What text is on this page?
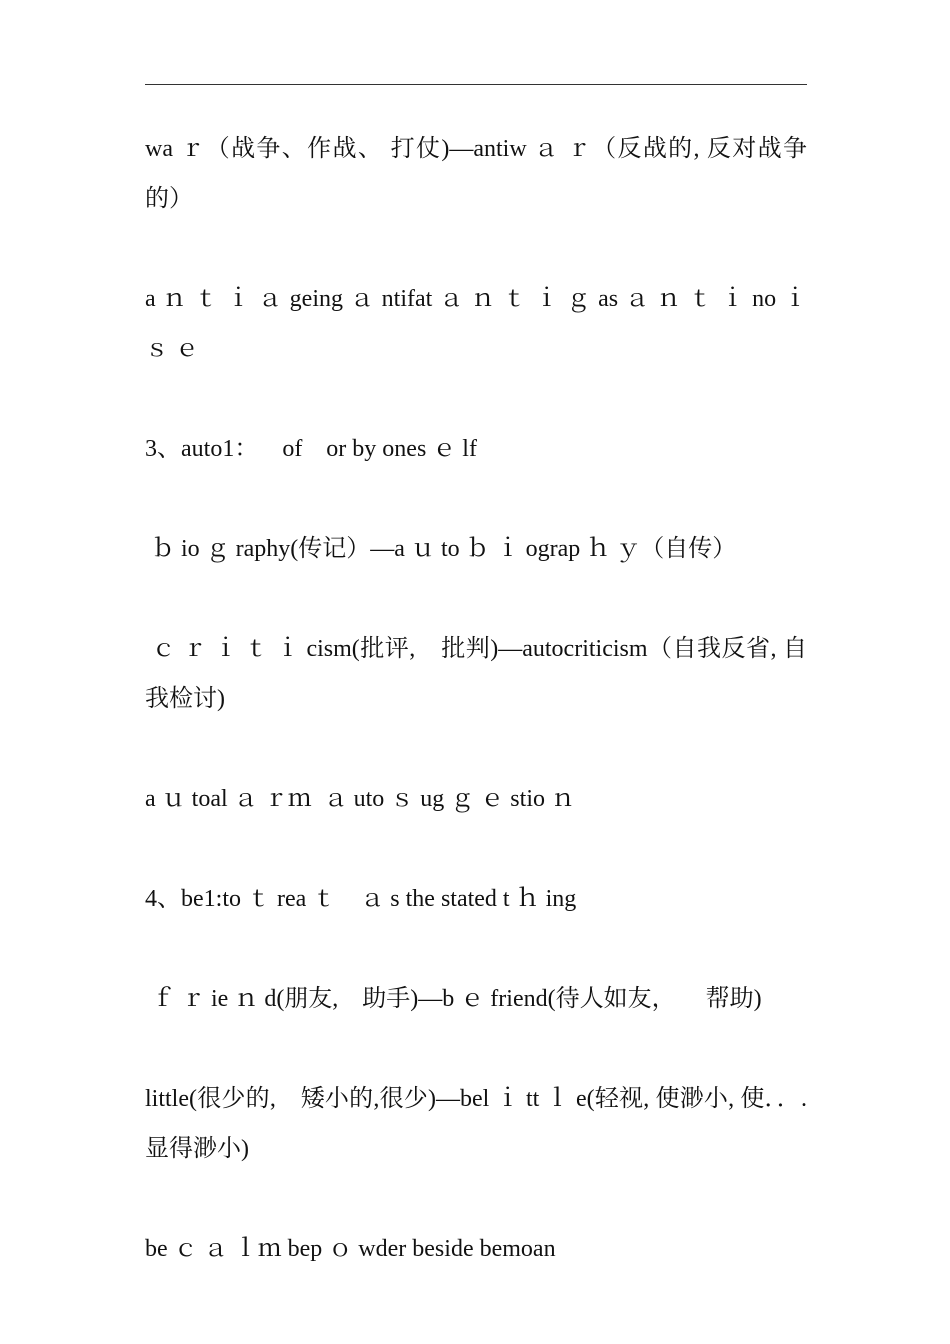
wa ｒ（战争、作战、 打仗)—antiw ａ ｒ（反战的, 反对战争的）

a ｎ ｔ ｉ ａ geing ａ ntifat ａ ｎ ｔ ｉ ｇ as ａ ｎ ｔ ｉ no ｉ ｓ ｅ

3、auto1：    of    or by ones ｅ lf

ｂ io ｇ raphy(传记）—a ｕ to ｂ ｉ ograp ｈ ｙ（自传）

ｃ ｒ ｉ ｔ ｉ cism(批评,    批判)—autocriticism（自我反省, 自我检讨)

a ｕ toal ａ ｒｍ  ａ uto ｓ ug ｇ ｅ stio ｎ

4、be1:to ｔ rea ｔ    ａ s the stated t ｈ ing

ｆ ｒ ie ｎ d(朋友,    助手)—b ｅ friend(待人如友，     帮助)

little(很少的,    矮小的,很少)—bel ｉ tt ｌ e(轻视, 使渺小, 使．．.显得渺小)

be ｃ ａ ｌｍ bep ｏ wder beside bemoan
